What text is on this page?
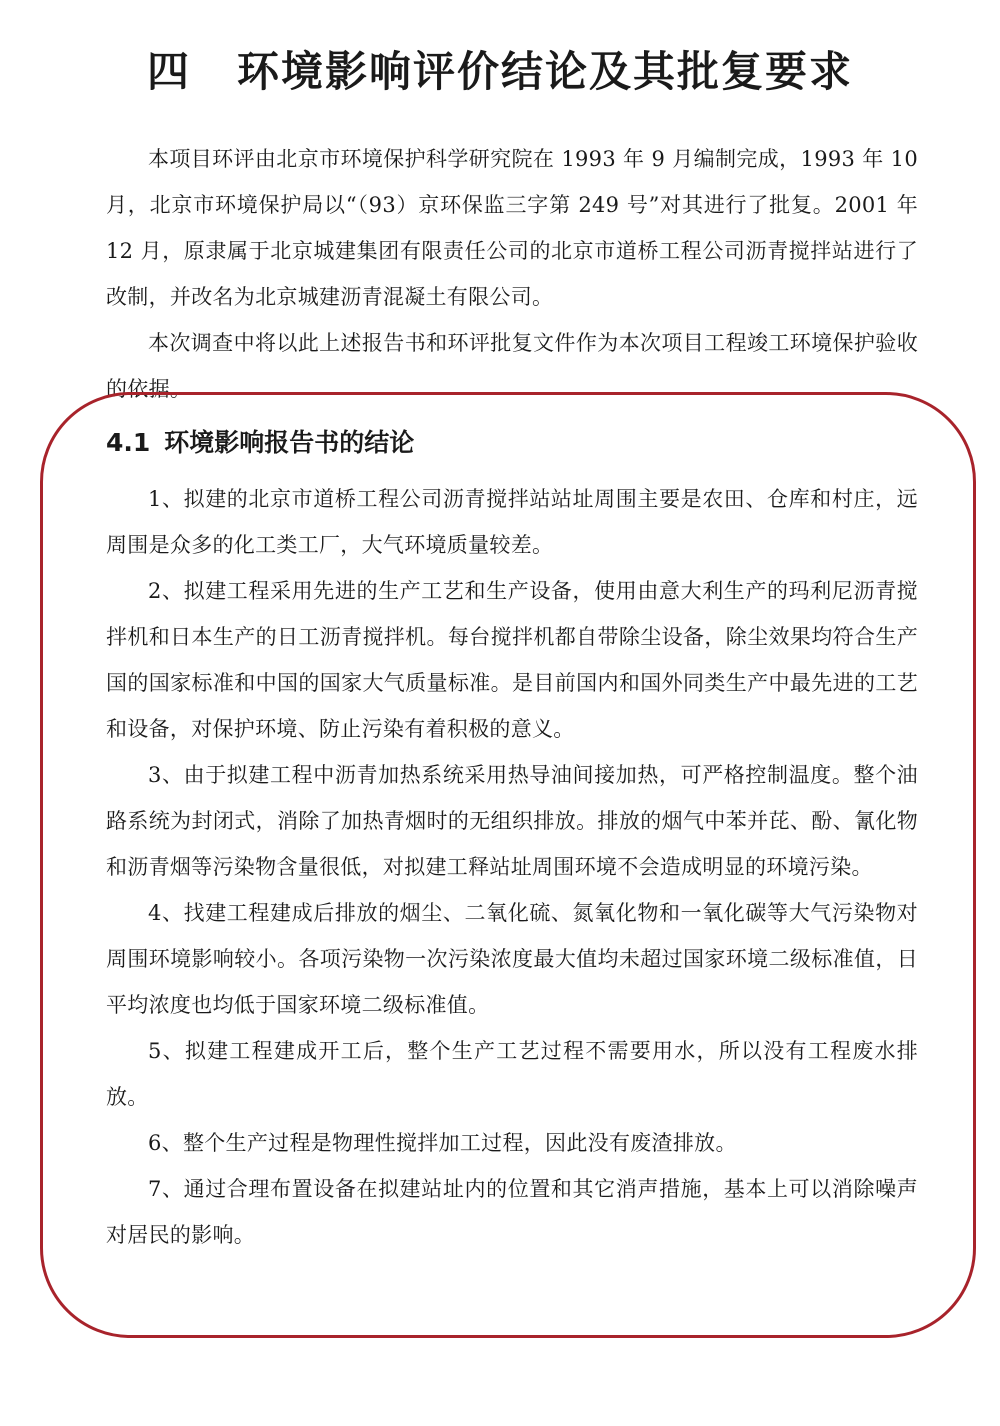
四 环境影响评价结论及其批复要求

本项目环评由北京市环境保护科学研究院在 1993 年 9 月编制完成，1993 年 10 月，北京市环境保护局以“（93）京环保监三字第 249 号”对其进行了批复。2001 年 12 月，原隶属于北京城建集团有限责任公司的北京市道桥工程公司沥青搅拌站进行了改制，并改名为北京城建沥青混凝土有限公司。

本次调查中将以此上述报告书和环评批复文件作为本次项目工程竣工环境保护验收的依据。

4.1 环境影响报告书的结论

1、拟建的北京市道桥工程公司沥青搅拌站站址周围主要是农田、仓库和村庄，远周围是众多的化工类工厂，大气环境质量较差。

2、拟建工程采用先进的生产工艺和生产设备，使用由意大利生产的玛利尼沥青搅拌机和日本生产的日工沥青搅拌机。每台搅拌机都自带除尘设备，除尘效果均符合生产国的国家标准和中国的国家大气质量标准。是目前国内和国外同类生产中最先进的工艺和设备，对保护环境、防止污染有着积极的意义。

3、由于拟建工程中沥青加热系统采用热导油间接加热，可严格控制温度。整个油路系统为封闭式，消除了加热青烟时的无组织排放。排放的烟气中苯并芘、酚、氰化物和沥青烟等污染物含量很低，对拟建工释站址周围环境不会造成明显的环境污染。

4、找建工程建成后排放的烟尘、二氧化硫、氮氧化物和一氧化碳等大气污染物对周围环境影响较小。各项污染物一次污染浓度最大值均未超过国家环境二级标准值，日平均浓度也均低于国家环境二级标准值。

5、拟建工程建成开工后，整个生产工艺过程不需要用水，所以没有工程废水排放。

6、整个生产过程是物理性搅拌加工过程，因此没有废渣排放。

7、通过合理布置设备在拟建站址内的位置和其它消声措施，基本上可以消除噪声对居民的影响。
